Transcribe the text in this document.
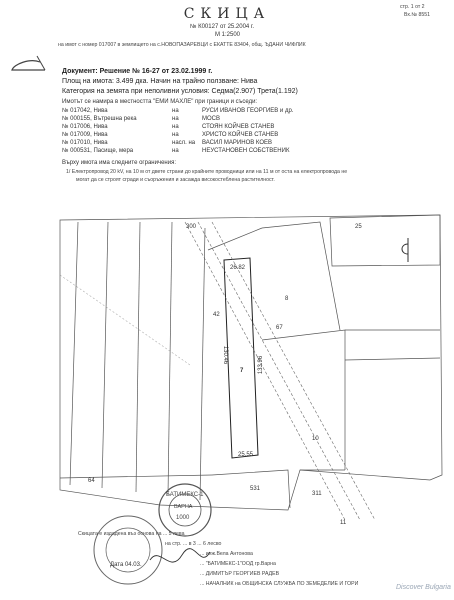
СКИЦА
№ К00127 от 25.2004 г.
М 1:2500
стр. 1 от 2
Вх.№ 8551
на имот с номер 017007 в землището на с.НОВОПАЗАРЕВЦИ с ЕКАТТЕ 83404, общ. ЪДАНИ ЧИФЛИК
Документ: Решение № 16-27 от 23.02.1999 г.
Площ на имота: 3.499 дка. Начин на трайно ползване: Нива
Категория на земята при неполивни условия: Седма(2.907) Трета(1.192)
Имотът се намира в местността "ЕМИ МАХЛЕ" при граници и съседи:
№ 017042, Нива	на	РУСИ ИВАНОВ ГЕОРГИЕВ и др.
№ 000155, Вътрешна река	на	МОСВ
№ 017006, Нива	на	СТОЯН КОЙЧЕВ СТАНЕВ
№ 017009, Нива	на	ХРИСТО КОЙЧЕВ СТАНЕВ
№ 017010, Нива	насл. на ВАСИЛ МАРИНОВ КОЕВ
№ 000531, Пасище, мера	на	НЕУСТАНОВЕН СОБСТВЕНИК
Върху имота има следните ограничения:
1/ Електропровод 20 kV, на 10 м от двете страни до крайните проводници или на 11 м от оста на електропровода не
могат да се строят сгради и съоръжения и засажда високостеблена растителност.
300	25
42
7
8
10
67
64
531
311
11
26.82
130.46
133.96
25.55
Скицата е издадена въз основа на ... 5 лева
на стр. ... в 3 ... 6 лесво
... инж.Вела Антонова
... "БАТИМЕКС-1"ООД гр.Варна
... ДИМИТЪР ГЕОРГИЕВ РАДЕВ
... НАЧАЛНИК на ОБЩИНСКА СЛУЖБА ПО ЗЕМЕДЕЛИЕ И ГОРИ
Дата 04.03.
БАТИМЕКС-1
ВАРНА
1000
Discover Bulgaria
